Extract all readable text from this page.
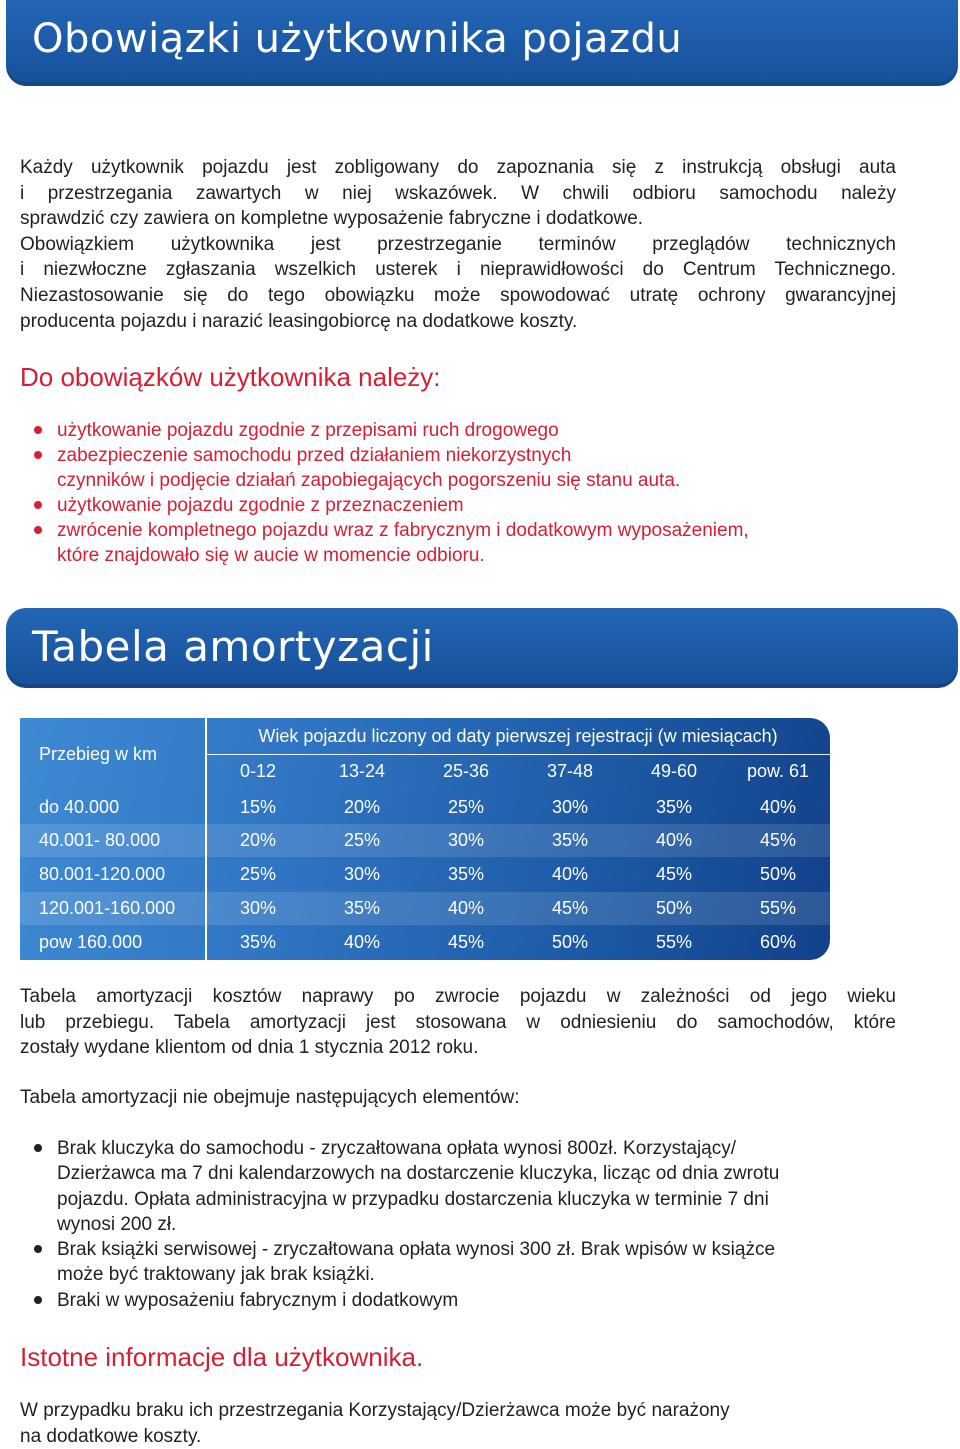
Obowiązki użytkownika pojazdu
Każdy użytkownik pojazdu jest zobligowany do zapoznania się z instrukcją obsługi auta
i przestrzegania zawartych w niej wskazówek. W chwili odbioru samochodu należy
sprawdzić czy zawiera on kompletne wyposażenie fabryczne i dodatkowe.
Obowiązkiem użytkownika jest przestrzeganie terminów przeglądów technicznych
i niezwłoczne zgłaszania wszelkich usterek i nieprawidłowości do Centrum Technicznego.
Niezastosowanie się do tego obowiązku może spowodować utratę ochrony gwarancyjnej
producenta pojazdu i narazić leasingobiorcę na dodatkowe koszty.
Do obowiązków użytkownika należy:
użytkowanie pojazdu zgodnie z przepisami ruch drogowego
zabezpieczenie samochodu przed działaniem niekorzystnych
czynników i podjęcie działań zapobiegających pogorszeniu się stanu auta.
użytkowanie pojazdu zgodnie z przeznaczeniem
zwrócenie kompletnego pojazdu wraz z fabrycznym i dodatkowym wyposażeniem,
które znajdowało się w aucie w momencie odbioru.
Tabela amortyzacji
Przebieg w km
Wiek pojazdu liczony od daty pierwszej rejestracji (w miesiącach)
0-12	13-24	25-36	37-48	49-60	pow. 61
do 40.000	15%	20%	25%	30%	35%	40%
40.001- 80.000	20%	25%	30%	35%	40%	45%
80.001-120.000	25%	30%	35%	40%	45%	50%
120.001-160.000	30%	35%	40%	45%	50%	55%
pow 160.000	35%	40%	45%	50%	55%	60%
Tabela amortyzacji kosztów naprawy po zwrocie pojazdu w zależności od jego wieku
lub przebiegu. Tabela amortyzacji jest stosowana w odniesieniu do samochodów, które
zostały wydane klientom od dnia 1 stycznia 2012 roku.
Tabela amortyzacji nie obejmuje następujących elementów:
Brak kluczyka do samochodu - zryczałtowana opłata wynosi 800zł. Korzystający/
Dzierżawca ma 7 dni kalendarzowych na dostarczenie kluczyka, licząc od dnia zwrotu
pojazdu. Opłata administracyjna w przypadku dostarczenia kluczyka w terminie 7 dni
wynosi 200 zł.
Brak książki serwisowej - zryczałtowana opłata wynosi 300 zł. Brak wpisów w książce
może być traktowany jak brak książki.
Braki w wyposażeniu fabrycznym i dodatkowym
Istotne informacje dla użytkownika.
W przypadku braku ich przestrzegania Korzystający/Dzierżawca może być narażony
na dodatkowe koszty.
